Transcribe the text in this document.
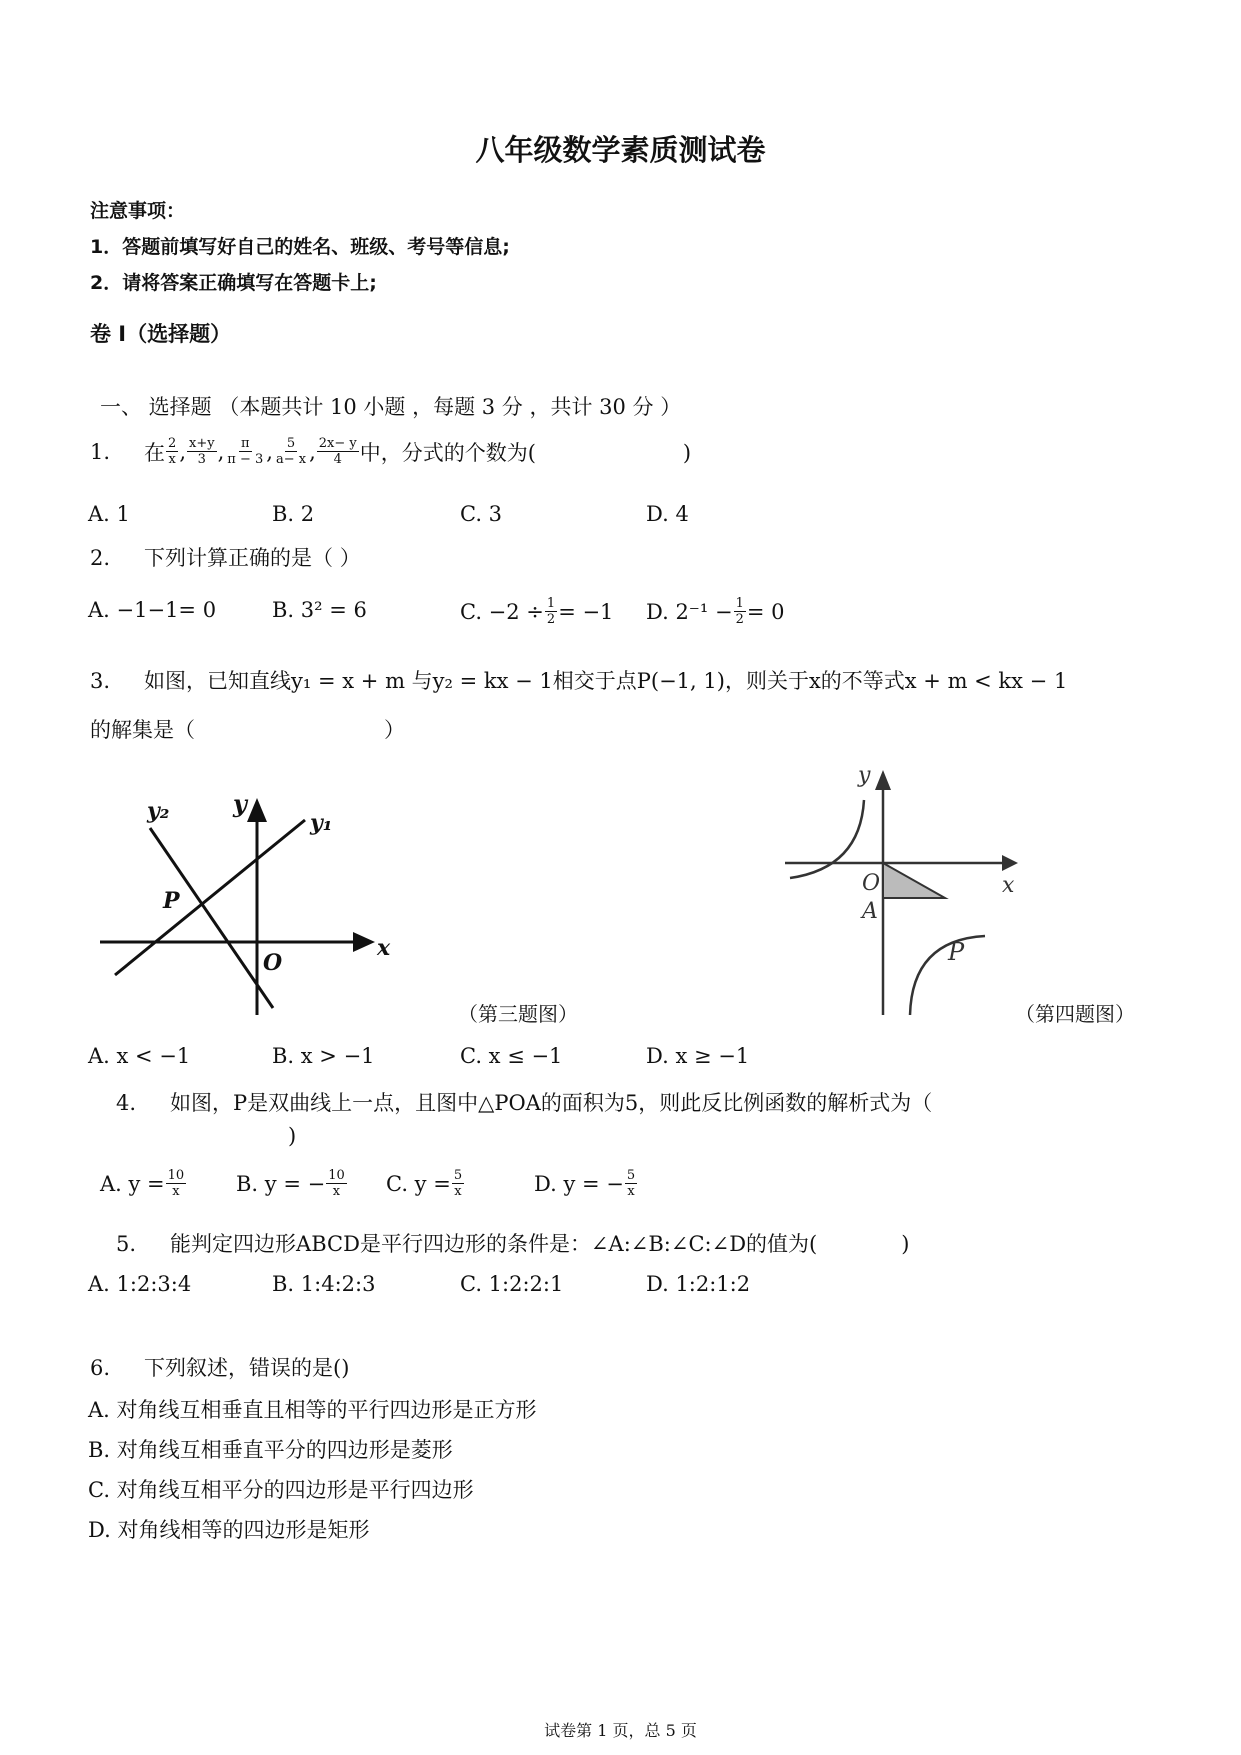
八年级数学素质测试卷
注意事项：
1．答题前填写好自己的姓名、班级、考号等信息;
2．请将答案正确填写在答题卡上;
卷 I（选择题）
一、 选择题 （本题共计 10 小题 ，每题 3 分 ，共计 30 分 ）
1. 在 $\frac{2}{x}$ , $\frac{x+y}{3}$ , $\frac{\pi}{\pi - 3}$ , $\frac{5}{a- x}$ , $\frac{2x- y}{4}$ 中，分式的个数为(　　　　　　　)
A. 1	B. 2	C. 3	D. 4
2. 下列计算正确的是（ ）
A. −1−1= 0	B. 3² = 6	C. $-2 \div \frac{1}{2} = -1$ D. $2^{-1} - \frac{1}{2} = 0$
3. 如图，已知直线y₁ = x + m 与y₂ = kx − 1相交于点P(−1, 1)，则关于x的不等式x + m < kx − 1
的解集是（　　　　　　　　　）
y₂	y
y₁
P
O
x
（第三题图）
y
O
A
P
x
（第四题图）
A. x < −1	B. x > −1	C. x ≤ −1	D. x ≥ −1
4. 如图，P是双曲线上一点，且图中△POA的面积为5，则此反比例函数的解析式为（
)
A. $y = \frac{10}{x} B$. y = − $\frac{10}{x} C$. $y = \frac{5}{x}$	D. y = − $\frac{5}{x}$
5. 能判定四边形ABCD是平行四边形的条件是：∠A:∠B:∠C:∠D的值为(　　　　)
A. 1:2:3:4	B. 1:4:2:3	C. 1:2:2:1	D. 1:2:1:2
6. 下列叙述，错误的是()
A. 对角线互相垂直且相等的平行四边形是正方形
B. 对角线互相垂直平分的四边形是菱形
C. 对角线互相平分的四边形是平行四边形
D. 对角线相等的四边形是矩形
试卷第 1 页，总 5 页
